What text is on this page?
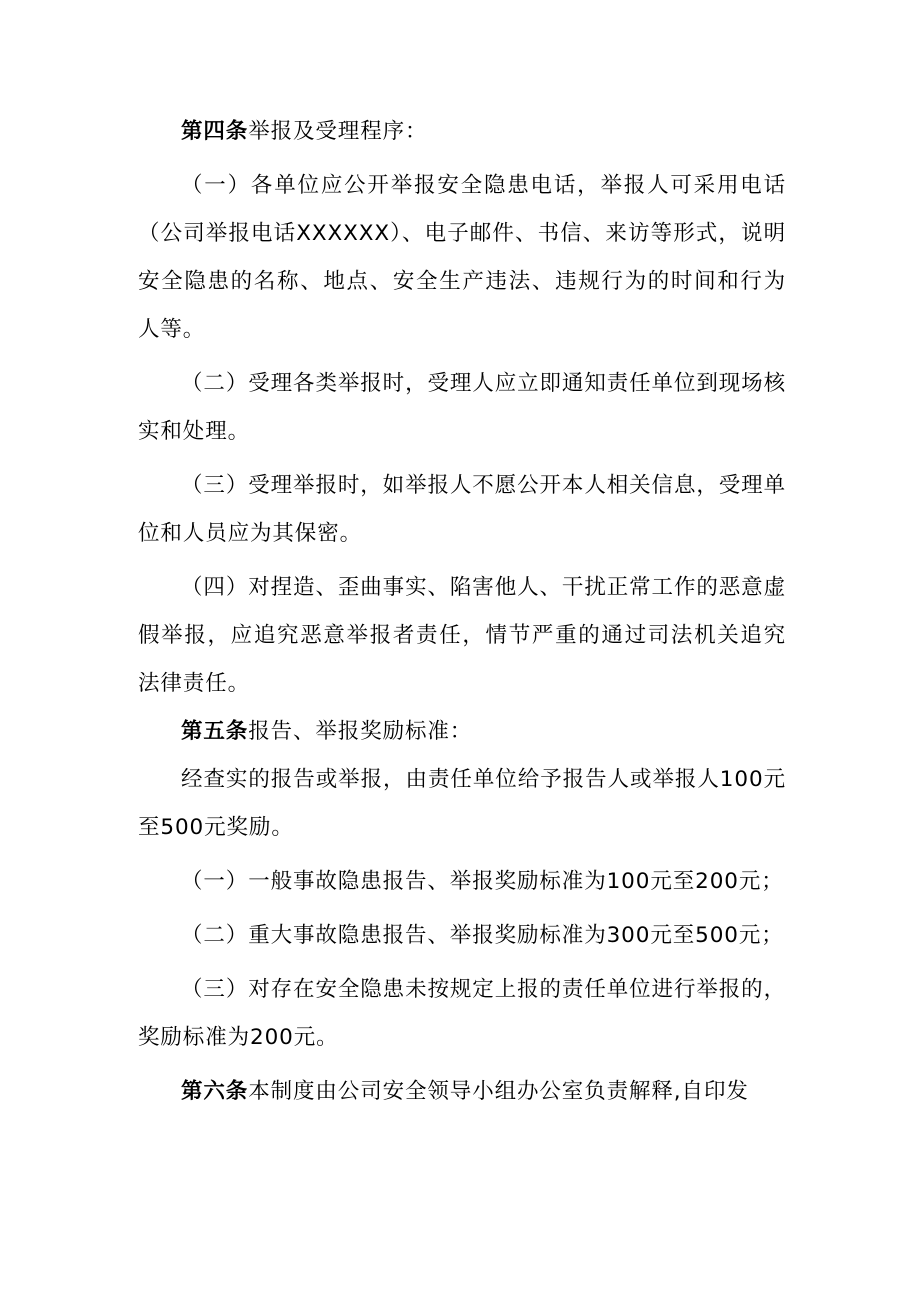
第四条举报及受理程序：

（一）各单位应公开举报安全隐患电话，举报人可采用电话（公司举报电话XXXXXX）、电子邮件、书信、来访等形式，说明安全隐患的名称、地点、安全生产违法、违规行为的时间和行为人等。

（二）受理各类举报时，受理人应立即通知责任单位到现场核实和处理。

（三）受理举报时，如举报人不愿公开本人相关信息，受理单位和人员应为其保密。

（四）对捏造、歪曲事实、陷害他人、干扰正常工作的恶意虚假举报，应追究恶意举报者责任，情节严重的通过司法机关追究法律责任。

第五条报告、举报奖励标准：

经查实的报告或举报，由责任单位给予报告人或举报人100元至500元奖励。

（一）一般事故隐患报告、举报奖励标准为100元至200元；

（二）重大事故隐患报告、举报奖励标准为300元至500元；

（三）对存在安全隐患未按规定上报的责任单位进行举报的，奖励标准为200元。

第六条本制度由公司安全领导小组办公室负责解释,自印发
